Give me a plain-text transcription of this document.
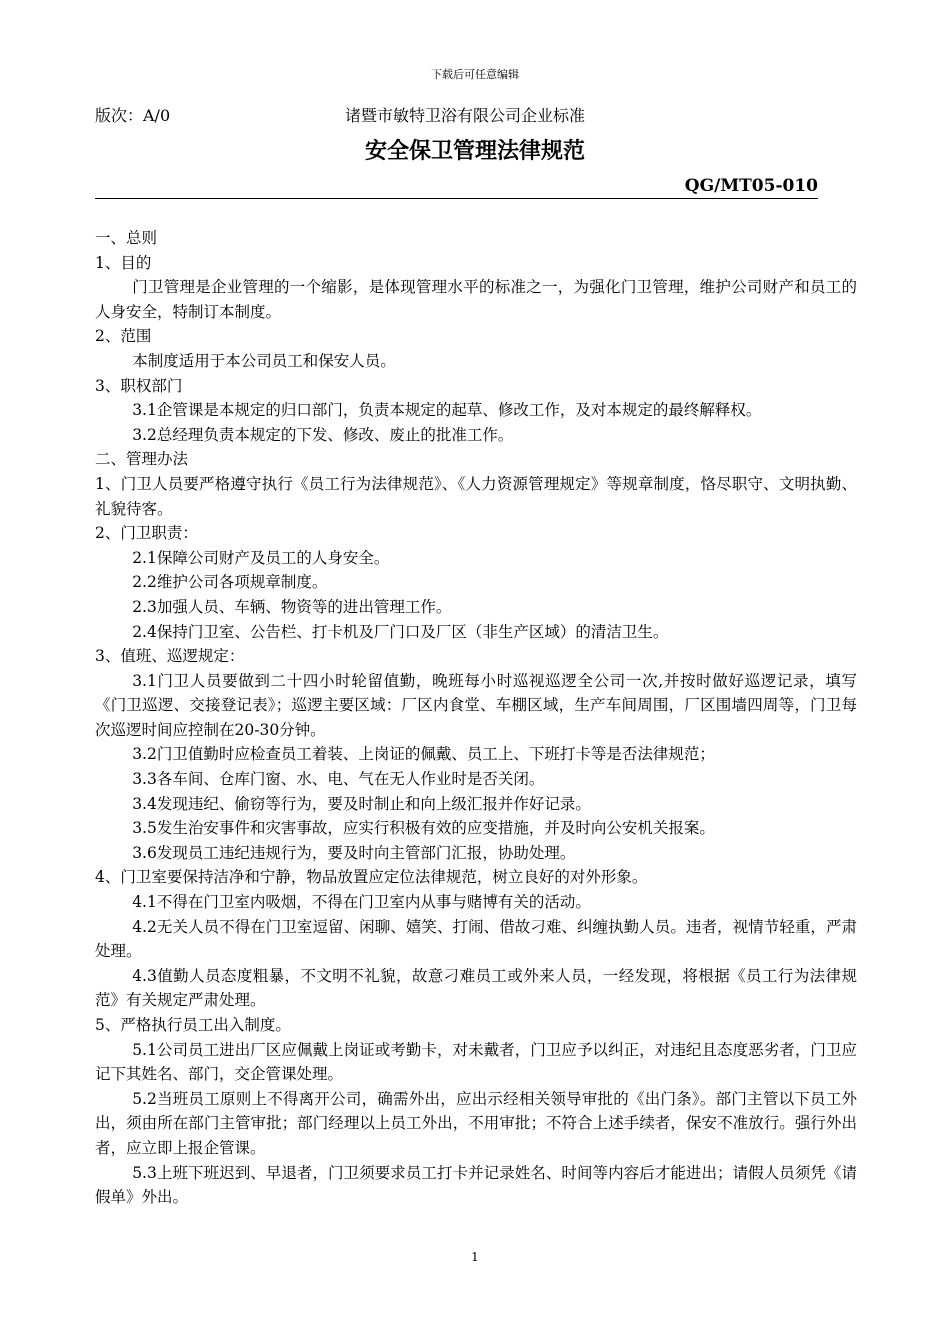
下载后可任意编辑
版次：A/0	诸暨市敏特卫浴有限公司企业标准
安全保卫管理法律规范
QG/MT05-010

一、总则

1、目的

门卫管理是企业管理的一个缩影，是体现管理水平的标准之一，为强化门卫管理，维护公司财产和员工的人身安全，特制订本制度。

2、范围

本制度适用于本公司员工和保安人员。

3、职权部门

3.1企管课是本规定的归口部门，负责本规定的起草、修改工作，及对本规定的最终解释权。

3.2总经理负责本规定的下发、修改、废止的批准工作。

二、管理办法

1、门卫人员要严格遵守执行《员工行为法律规范》、《人力资源管理规定》等规章制度，恪尽职守、文明执勤、礼貌待客。

2、门卫职责：

2.1保障公司财产及员工的人身安全。

2.2维护公司各项规章制度。

2.3加强人员、车辆、物资等的进出管理工作。

2.4保持门卫室、公告栏、打卡机及厂门口及厂区（非生产区域）的清洁卫生。

3、值班、巡逻规定：

3.1门卫人员要做到二十四小时轮留值勤，晚班每小时巡视巡逻全公司一次,并按时做好巡逻记录，填写《门卫巡逻、交接登记表》；巡逻主要区域：厂区内食堂、车棚区域，生产车间周围，厂区围墙四周等，门卫每次巡逻时间应控制在20-30分钟。

3.2门卫值勤时应检查员工着装、上岗证的佩戴、员工上、下班打卡等是否法律规范；

3.3各车间、仓库门窗、水、电、气在无人作业时是否关闭。

3.4发现违纪、偷窃等行为，要及时制止和向上级汇报并作好记录。

3.5发生治安事件和灾害事故，应实行积极有效的应变措施，并及时向公安机关报案。

3.6发现员工违纪违规行为，要及时向主管部门汇报，协助处理。

4、门卫室要保持洁净和宁静，物品放置应定位法律规范，树立良好的对外形象。

4.1不得在门卫室内吸烟，不得在门卫室内从事与赌博有关的活动。

4.2无关人员不得在门卫室逗留、闲聊、嬉笑、打闹、借故刁难、纠缠执勤人员。违者，视情节轻重，严肃处理。

4.3值勤人员态度粗暴，不文明不礼貌，故意刁难员工或外来人员，一经发现，将根据《员工行为法律规范》有关规定严肃处理。

5、严格执行员工出入制度。

5.1公司员工进出厂区应佩戴上岗证或考勤卡，对未戴者，门卫应予以纠正，对违纪且态度恶劣者，门卫应记下其姓名、部门，交企管课处理。

5.2当班员工原则上不得离开公司，确需外出，应出示经相关领导审批的《出门条》。部门主管以下员工外出，须由所在部门主管审批；部门经理以上员工外出，不用审批；不符合上述手续者，保安不准放行。强行外出者，应立即上报企管课。

5.3上班下班迟到、早退者，门卫须要求员工打卡并记录姓名、时间等内容后才能进出；请假人员须凭《请假单》外出。

1
